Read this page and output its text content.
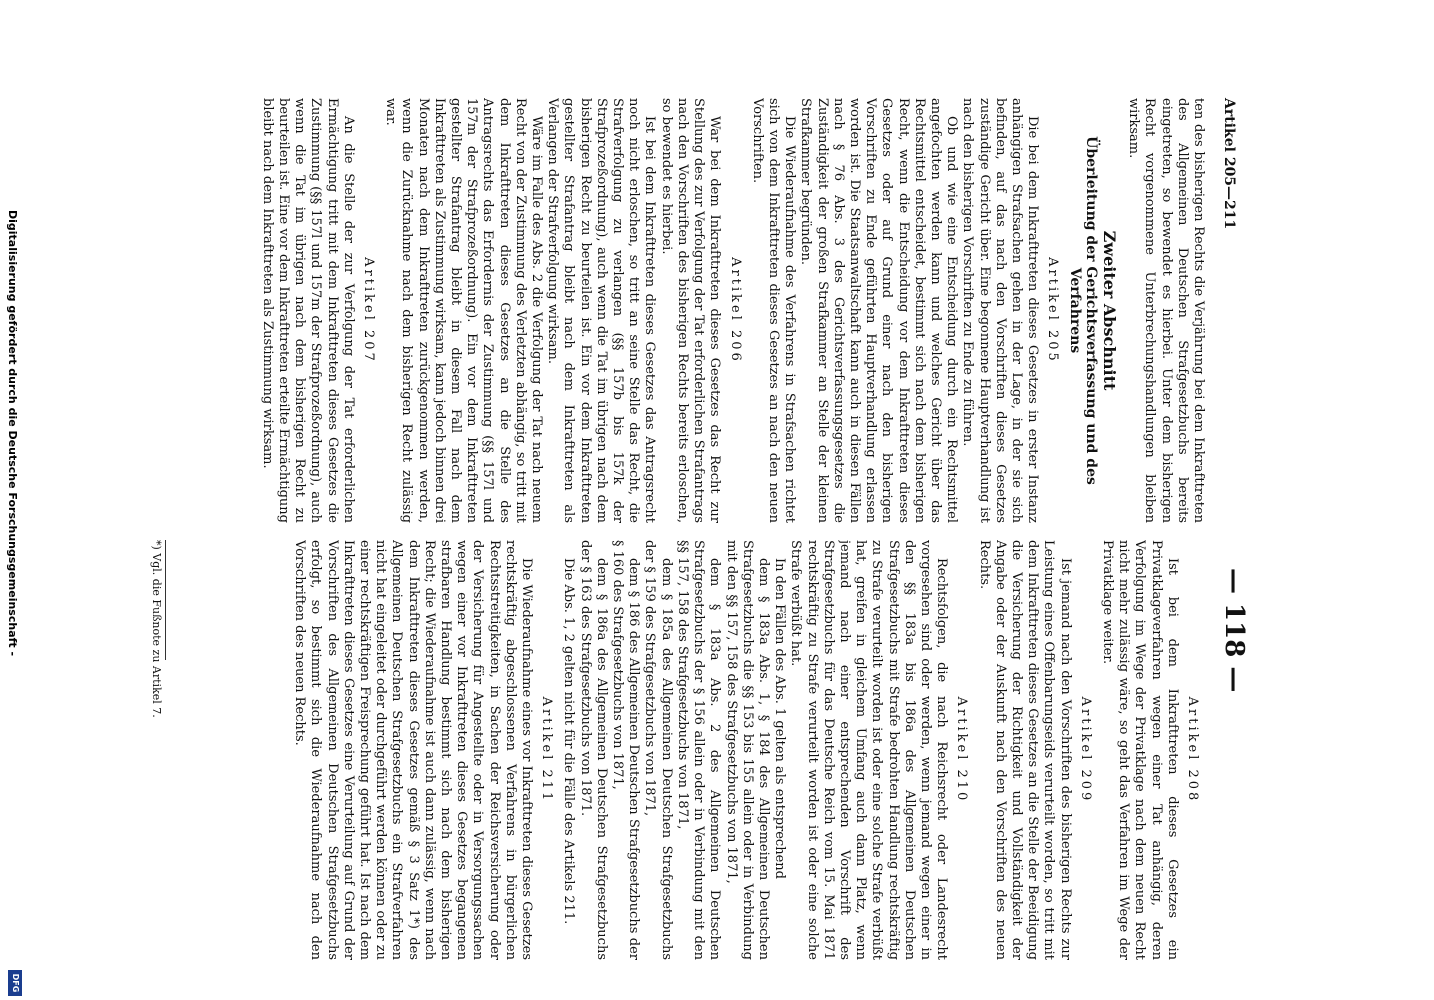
Artikel 205—211
— 118 —

ten des bisherigen Rechts die Verjährung bei dem Inkrafttreten des Allgemeinen Deutschen Strafgesetzbuchs bereits eingetreten, so bewendet es hierbei. Unter dem bisherigen Recht vorgenommene Unterbrechungshandlungen bleiben wirksam.

Zweiter Abschnitt
Überleitung der Gerichtsverfassung und des Verfahrens
Artikel 205

Die bei dem Inkrafttreten dieses Gesetzes in erster Instanz anhängigen Strafsachen gehen in der Lage, in der sie sich befinden, auf das nach den Vorschriften dieses Gesetzes zuständige Gericht über. Eine begonnene Hauptverhandlung ist nach den bisherigen Vorschriften zu Ende zu führen.

Ob und wie eine Entscheidung durch ein Rechtsmittel angefochten werden kann und welches Gericht über das Rechtsmittel entscheidet, bestimmt sich nach dem bisherigen Recht, wenn die Entscheidung vor dem Inkrafttreten dieses Gesetzes oder auf Grund einer nach den bisherigen Vorschriften zu Ende geführten Hauptverhandlung erlassen worden ist. Die Staatsanwaltschaft kann auch in diesen Fällen nach § 76 Abs. 3 des Gerichtsverfassungsgesetzes die Zuständigkeit der großen Strafkammer an Stelle der kleinen Strafkammer begründen.

Die Wiederaufnahme des Verfahrens in Strafsachen richtet sich von dem Inkrafttreten dieses Gesetzes an nach den neuen Vorschriften.

Artikel 206

War bei dem Inkrafttreten dieses Gesetzes das Recht zur Stellung des zur Verfolgung der Tat erforderlichen Strafantrags nach den Vorschriften des bisherigen Rechts bereits erloschen, so bewendet es hierbei.

Ist bei dem Inkrafttreten dieses Gesetzes das Antragsrecht noch nicht erloschen, so tritt an seine Stelle das Recht, die Strafverfolgung zu verlangen (§§ 157b bis 157k der Strafprozeßordnung), auch wenn die Tat im übrigen nach dem bisherigen Recht zu beurteilen ist. Ein vor dem Inkrafttreten gestellter Strafantrag bleibt nach dem Inkrafttreten als Verlangen der Strafverfolgung wirksam.

Wäre im Falle des Abs. 2 die Verfolgung der Tat nach neuem Recht von der Zustimmung des Verletzten abhängig, so tritt mit dem Inkrafttreten dieses Gesetzes an die Stelle des Antragsrechts das Erfordernis der Zustimmung (§§ 157l und 157m der Strafprozeßordnung). Ein vor dem Inkrafttreten gestellter Strafantrag bleibt in diesem Fall nach dem Inkrafttreten als Zustimmung wirksam, kann jedoch binnen drei Monaten nach dem Inkrafttreten zurückgenommen werden, wenn die Zurücknahme nach dem bisherigen Recht zulässig war.

Artikel 207

An die Stelle der zur Verfolgung der Tat erforderlichen Ermächtigung tritt mit dem Inkrafttreten dieses Gesetzes die Zustimmung (§§ 157l und 157m der Strafprozeßordnung), auch wenn die Tat im übrigen nach dem bisherigen Recht zu beurteilen ist. Eine vor dem Inkrafttreten erteilte Ermächtigung bleibt nach dem Inkrafttreten als Zustimmung wirksam.

Artikel 208

Ist bei dem Inkrafttreten dieses Gesetzes ein Privatklageverfahren wegen einer Tat anhängig, deren Verfolgung im Wege der Privatklage nach dem neuen Recht nicht mehr zulässig wäre, so geht das Verfahren im Wege der Privatklage weiter.

Artikel 209

Ist jemand nach den Vorschriften des bisherigen Rechts zur Leistung eines Offenbarungseids verurteilt worden, so tritt mit dem Inkrafttreten dieses Gesetzes an die Stelle der Beeidigung die Versicherung der Richtigkeit und Vollständigkeit der Angabe oder der Auskunft nach den Vorschriften des neuen Rechts.

Artikel 210

Rechtsfolgen, die nach Reichsrecht oder Landesrecht vorgesehen sind oder werden, wenn jemand wegen einer in den §§ 183a bis 186a des Allgemeinen Deutschen Strafgesetzbuchs mit Strafe bedrohten Handlung rechtskräftig zu Strafe verurteilt worden ist oder eine solche Strafe verbüßt hat, greifen in gleichem Umfang auch dann Platz, wenn jemand nach einer entsprechenden Vorschrift des Strafgesetzbuchs für das Deutsche Reich vom 15. Mai 1871 rechtskräftig zu Strafe verurteilt worden ist oder eine solche Strafe verbüßt hat.

In den Fällen des Abs. 1 gelten als entsprechend

dem § 183a Abs. 1, § 184 des Allgemeinen Deutschen Strafgesetzbuchs die §§ 153 bis 155 allein oder in Verbindung mit den §§ 157, 158 des Strafgesetzbuchs von 1871,

dem § 183a Abs. 2 des Allgemeinen Deutschen Strafgesetzbuchs der § 156 allein oder in Verbindung mit den §§ 157, 158 des Strafgesetzbuchs von 1871,

dem § 185a des Allgemeinen Deutschen Strafgesetzbuchs der § 159 des Strafgesetzbuchs von 1871,

dem § 186 des Allgemeinen Deutschen Strafgesetzbuchs der § 160 des Strafgesetzbuchs von 1871,

dem § 186a des Allgemeinen Deutschen Strafgesetzbuchs der § 163 des Strafgesetzbuchs von 1871.

Die Abs. 1, 2 gelten nicht für die Fälle des Artikels 211.

Artikel 211

Die Wiederaufnahme eines vor Inkrafttreten dieses Gesetzes rechtskräftig abgeschlossenen Verfahrens in bürgerlichen Rechtsstreitigkeiten, in Sachen der Reichsversicherung oder der Versicherung für Angestellte oder in Versorgungssachen wegen einer vor Inkrafttreten dieses Gesetzes begangenen strafbaren Handlung bestimmt sich nach dem bisherigen Recht; die Wiederaufnahme ist auch dann zulässig, wenn nach dem Inkrafttreten dieses Gesetzes gemäß § 3 Satz 1*) des Allgemeinen Deutschen Strafgesetzbuchs ein Strafverfahren nicht hat eingeleitet oder durchgeführt werden können oder zu einer rechtskräftigen Freisprechung geführt hat. Ist nach dem Inkrafttreten dieses Gesetzes eine Verurteilung auf Grund der Vorschriften des Allgemeinen Deutschen Strafgesetzbuchs erfolgt, so bestimmt sich die Wiederaufnahme nach den Vorschriften des neuen Rechts.

*) Vgl. die Fußnote zu Artikel 7.
Digitalisierung gefördert durch die Deutsche Forschungsgemeinschaft -
DFG
